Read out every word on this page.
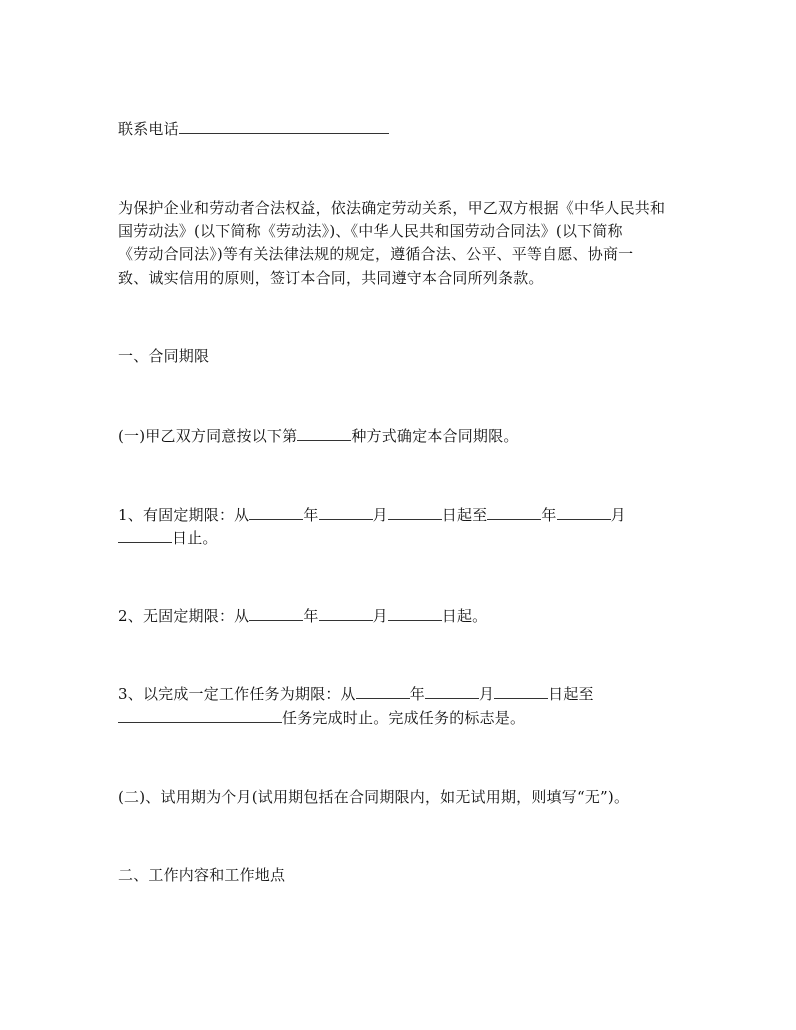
联系电话
为保护企业和劳动者合法权益，依法确定劳动关系，甲乙双方根据《中华人民共和
国劳动法》(以下简称《劳动法》)、《中华人民共和国劳动合同法》(以下简称
《劳动合同法》)等有关法律法规的规定，遵循合法、公平、平等自愿、协商一
致、诚实信用的原则，签订本合同，共同遵守本合同所列条款。
一、合同期限
(一)甲乙双方同意按以下第	种方式确定本合同期限。
1、有固定期限：从	年	月	日起至	年	月
日止。
2、无固定期限：从	年	月	日起。
3、以完成一定工作任务为期限：从	年	月	日起至
任务完成时止。完成任务的标志是。
(二)、试用期为个月(试用期包括在合同期限内，如无试用期，则填写“无”)。
二、工作内容和工作地点
